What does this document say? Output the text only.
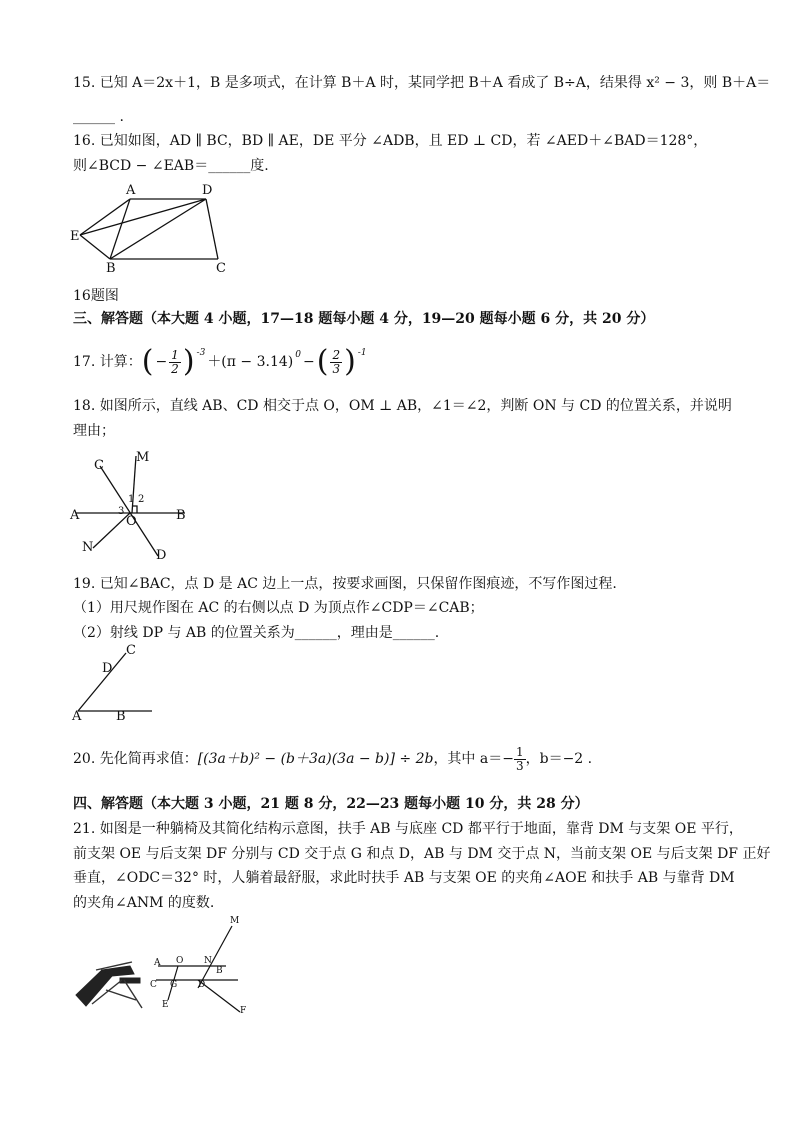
15. 已知 A＝2x＋1，B 是多项式，在计算 B＋A 时，某同学把 B＋A 看成了 B÷A，结果得 x² − 3，则 B＋A＝
______ .
16. 已知如图，AD ∥ BC，BD ∥ AE，DE 平分 ∠ADB，且 ED ⊥ CD，若 ∠AED＋∠BAD＝128°，
则∠BCD − ∠EAB＝______度.
A	D
E
B	C
16题图
三、解答题（本大题 4 小题，17—18 题每小题 4 分，19—20 题每小题 6 分，共 20 分）
17. 计算： ( − $\frac{1}{2} )^{-3}$
$+(\pi - 3.14)^0$ − ( $\frac{2}{3} )^{-1}$
18. 如图所示，直线 AB、CD 相交于点 O，OM ⊥ AB，∠1＝∠2，判断 ON 与 CD 的位置关系，并说明
理由；
C
M
A	O	B
N
D
1 2
3
19. 已知∠BAC，点 D 是 AC 边上一点，按要求画图，只保留作图痕迹，不写作图过程.
（1）用尺规作图在 AC 的右侧以点 D 为顶点作∠CDP＝∠CAB；
（2）射线 DP 与 AB 的位置关系为______，理由是______.
C
D
A	B
20. 先化简再求值： [(3a＋b)² − (b＋3a)(3a − b)] ÷ 2b ，其中 $a=- \frac{1}{3}$ ，b＝−2 .
四、解答题（本大题 3 小题，21 题 8 分，22—23 题每小题 10 分，共 28 分）
21. 如图是一种躺椅及其简化结构示意图，扶手 AB 与底座 CD 都平行于地面，靠背 DM 与支架 OE 平行，
前支架 OE 与后支架 DF 分别与 CD 交于点 G 和点 D，AB 与 DM 交于点 N，当前支架 OE 与后支架 DF 正好
垂直，∠ODC＝32° 时，人躺着最舒服，求此时扶手 AB 与支架 OE 的夹角∠AOE 和扶手 AB 与靠背 DM
的夹角∠ANM 的度数.
M
A O N
B
C G D
E
F
